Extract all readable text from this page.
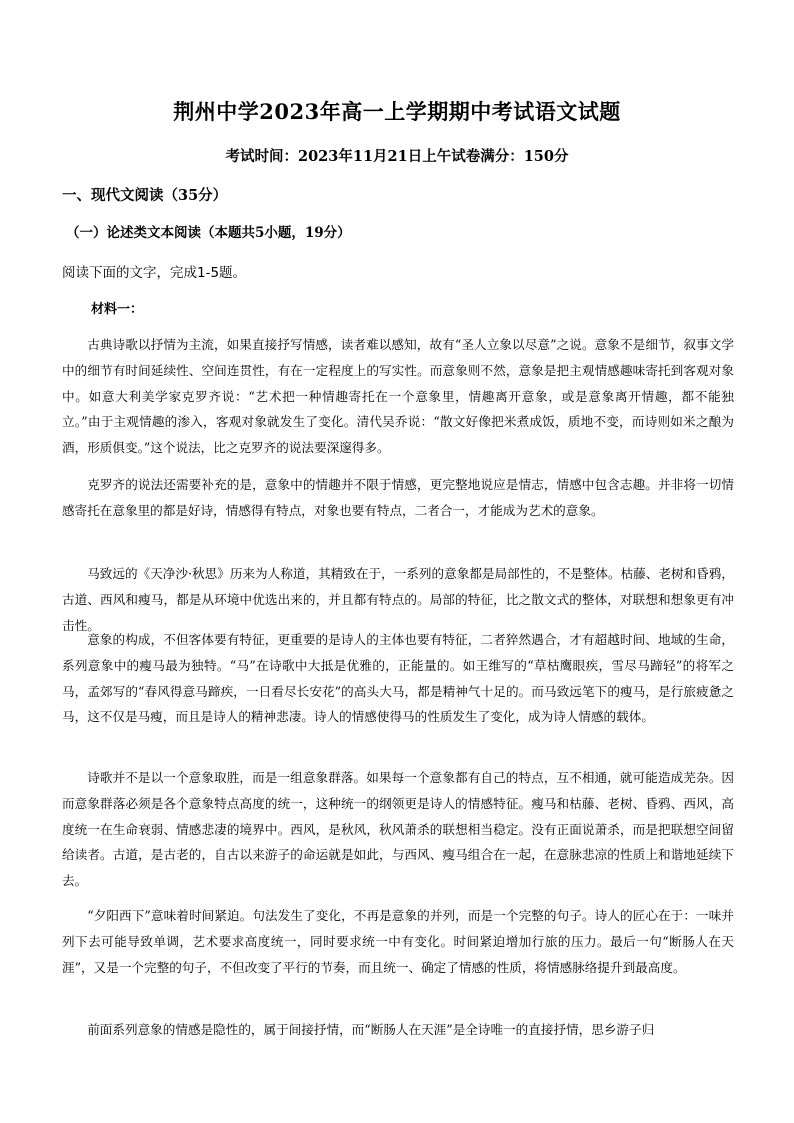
荆州中学2023年高一上学期期中考试语文试题
考试时间：2023年11月21日上午试卷满分：150分
一、现代文阅读（35分）
（一）论述类文本阅读（本题共5小题，19分）
阅读下面的文字，完成1-5题。
材料一：

古典诗歌以抒情为主流，如果直接抒写情感，读者难以感知，故有“圣人立象以尽意”之说。意象不是细节，叙事文学中的细节有时间延续性、空间连贯性，有在一定程度上的写实性。而意象则不然，意象是把主观情感趣味寄托到客观对象中。如意大利美学家克罗齐说：“艺术把一种情趣寄托在一个意象里，情趣离开意象，或是意象离开情趣，都不能独立。”由于主观情趣的渗入，客观对象就发生了变化。清代吴乔说：“散文好像把米煮成饭，质地不变，而诗则如米之酿为酒，形质俱变。”这个说法，比之克罗齐的说法要深邃得多。

克罗齐的说法还需要补充的是，意象中的情趣并不限于情感，更完整地说应是情志，情感中包含志趣。并非将一切情感寄托在意象里的都是好诗，情感得有特点，对象也要有特点，二者合一，才能成为艺术的意象。

马致远的《天净沙·秋思》历来为人称道，其精致在于，一系列的意象都是局部性的，不是整体。枯藤、老树和昏鸦，古道、西风和瘦马，都是从环境中优选出来的，并且都有特点的。局部的特征，比之散文式的整体，对联想和想象更有冲击性。

意象的构成，不但客体要有特征，更重要的是诗人的主体也要有特征，二者猝然遇合，才有超越时间、地域的生命，系列意象中的瘦马最为独特。“马”在诗歌中大抵是优雅的，正能量的。如王维写的“草枯鹰眼疾，雪尽马蹄轻”的将军之马，孟郊写的“春风得意马蹄疾，一日看尽长安花”的高头大马，都是精神气十足的。而马致远笔下的瘦马，是行旅疲惫之马，这不仅是马瘦，而且是诗人的精神悲凄。诗人的情感使得马的性质发生了变化，成为诗人情感的载体。

诗歌并不是以一个意象取胜，而是一组意象群落。如果每一个意象都有自己的特点，互不相通，就可能造成芜杂。因而意象群落必须是各个意象特点高度的统一，这种统一的纲领更是诗人的情感特征。瘦马和枯藤、老树、昏鸦、西风，高度统一在生命衰弱、情感悲凄的境界中。西风，是秋风，秋风萧杀的联想相当稳定。没有正面说萧杀，而是把联想空间留给读者。古道，是古老的，自古以来游子的命运就是如此，与西风、瘦马组合在一起，在意脉悲凉的性质上和谐地延续下去。

“夕阳西下”意味着时间紧迫。句法发生了变化，不再是意象的并列，而是一个完整的句子。诗人的匠心在于：一味并列下去可能导致单调，艺术要求高度统一，同时要求统一中有变化。时间紧迫增加行旅的压力。最后一句“断肠人在天涯”，又是一个完整的句子，不但改变了平行的节奏，而且统一、确定了情感的性质，将情感脉络提升到最高度。

前面系列意象的情感是隐性的，属于间接抒情，而“断肠人在天涯”是全诗唯一的直接抒情，思乡游子归
